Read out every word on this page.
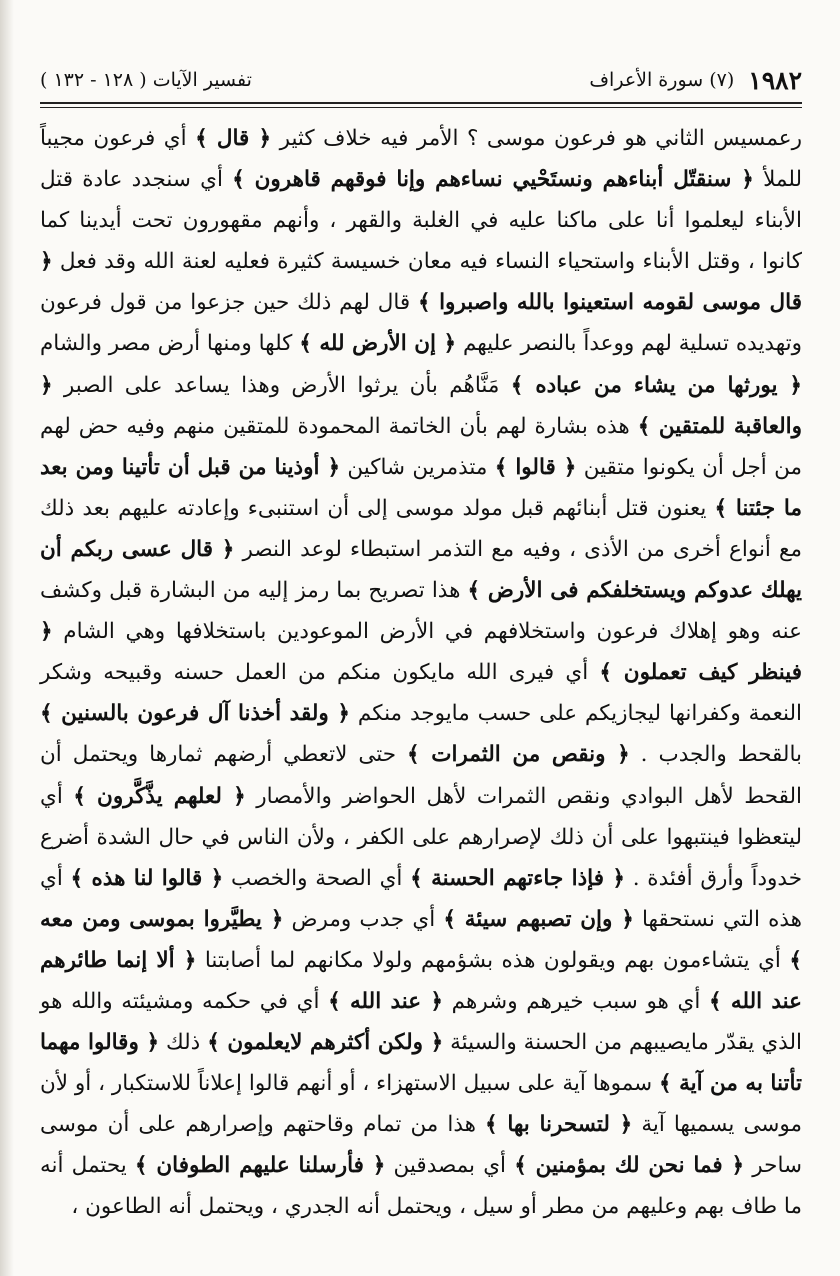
١٩٨٢
(٧) سورة الأعراف
تفسير الآيات ( ١٢٨ - ١٣٢ )
رعمسيس الثاني هو فرعون موسى ؟ الأمر فيه خلاف كثير ﴿ قال ﴾ أي فرعون مجيباً للملأ ﴿ سنقتّل أبناءهم ونستَحْيي نساءهم وإنا فوقهم قاهرون ﴾ أي سنجدد عادة قتل الأبناء ليعلموا أنا على ماكنا عليه في الغلبة والقهر ، وأنهم مقهورون تحت أيدينا كما كانوا ، وقتل الأبناء واستحياء النساء فيه معان خسيسة كثيرة فعليه لعنة الله وقد فعل ﴿ قال موسى لقومه استعينوا بالله واصبروا ﴾ قال لهم ذلك حين جزعوا من قول فرعون وتهديده تسلية لهم ووعداً بالنصر عليهم ﴿ إن الأرض لله ﴾ كلها ومنها أرض مصر والشام ﴿ يورثها من يشاء من عباده ﴾ مَنَّاهُم بأن يرثوا الأرض وهذا يساعد على الصبر ﴿ والعاقبة للمتقين ﴾ هذه بشارة لهم بأن الخاتمة المحمودة للمتقين منهم وفيه حض لهم من أجل أن يكونوا متقين ﴿ قالوا ﴾ متذمرين شاكين ﴿ أوذينا من قبل أن تأتينا ومن بعد ما جئتنا ﴾ يعنون قتل أبنائهم قبل مولد موسى إلى أن استنبىء وإعادته عليهم بعد ذلك مع أنواع أخرى من الأذى ، وفيه مع التذمر استبطاء لوعد النصر ﴿ قال عسى ربكم أن يهلك عدوكم ويستخلفكم فى الأرض ﴾ هذا تصريح بما رمز إليه من البشارة قبل وكشف عنه وهو إهلاك فرعون واستخلافهم في الأرض الموعودين باستخلافها وهي الشام ﴿ فينظر كيف تعملون ﴾ أي فيرى الله مايكون منكم من العمل حسنه وقبيحه وشكر النعمة وكفرانها ليجازيكم على حسب مايوجد منكم ﴿ ولقد أخذنا آل فرعون بالسنين ﴾ بالقحط والجدب . ﴿ ونقص من الثمرات ﴾ حتى لاتعطي أرضهم ثمارها ويحتمل أن القحط لأهل البوادي ونقص الثمرات لأهل الحواضر والأمصار ﴿ لعلهم يذَّكَّرون ﴾ أي ليتعظوا فينتبهوا على أن ذلك لإصرارهم على الكفر ، ولأن الناس في حال الشدة أضرع خدوداً وأرق أفئدة . ﴿ فإذا جاءتهم الحسنة ﴾ أي الصحة والخصب ﴿ قالوا لنا هذه ﴾ أي هذه التي نستحقها ﴿ وإن تصبهم سيئة ﴾ أي جدب ومرض ﴿ يطيَّروا بموسى ومن معه ﴾ أي يتشاءمون بهم ويقولون هذه بشؤمهم ولولا مكانهم لما أصابتنا ﴿ ألا إنما طائرهم عند الله ﴾ أي هو سبب خيرهم وشرهم ﴿ عند الله ﴾ أي في حكمه ومشيئته والله هو الذي يقدّر مايصيبهم من الحسنة والسيئة ﴿ ولكن أكثرهم لايعلمون ﴾ ذلك ﴿ وقالوا مهما تأتنا به من آية ﴾ سموها آية على سبيل الاستهزاء ، أو أنهم قالوا إعلاناً للاستكبار ، أو لأن موسى يسميها آية ﴿ لتسحرنا بها ﴾ هذا من تمام وقاحتهم وإصرارهم على أن موسى ساحر ﴿ فما نحن لك بمؤمنين ﴾ أي بمصدقين ﴿ فأرسلنا عليهم الطوفان ﴾ يحتمل أنه ما طاف بهم وعليهم من مطر أو سيل ، ويحتمل أنه الجدري ، ويحتمل أنه الطاعون ،
